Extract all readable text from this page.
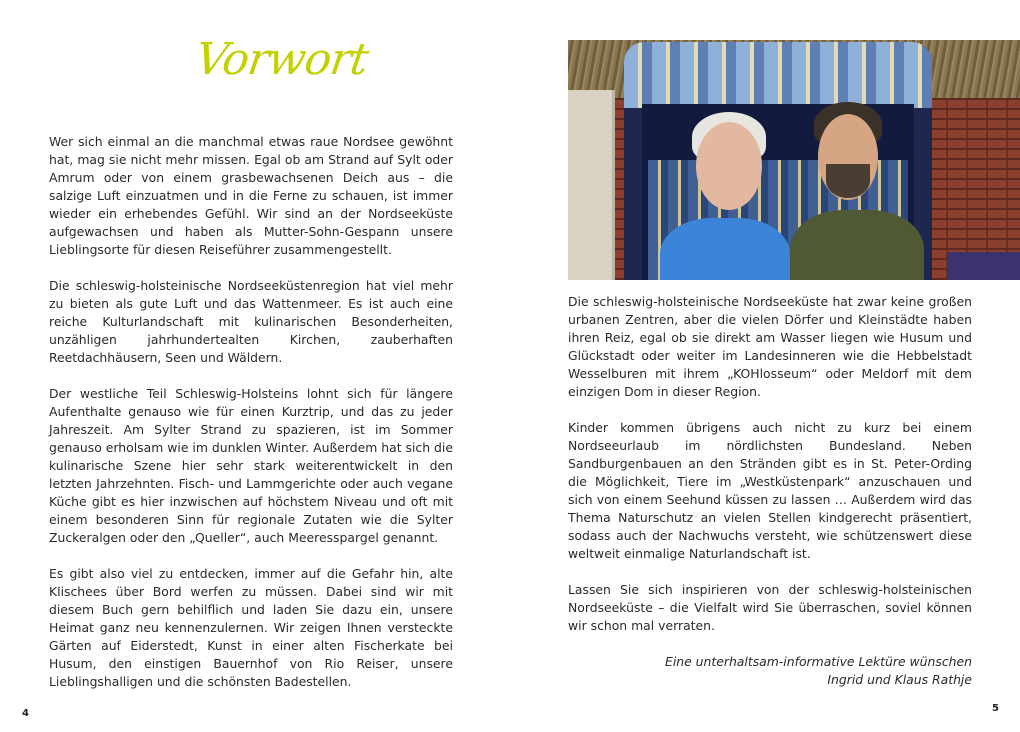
Vorwort

Wer sich einmal an die manchmal etwas raue Nordsee gewöhnt hat, mag sie nicht mehr missen. Egal ob am Strand auf Sylt oder Amrum oder von einem grasbewachsenen Deich aus – die salzige Luft einzuatmen und in die Ferne zu schauen, ist immer wieder ein erhebendes Gefühl. Wir sind an der Nordseeküste aufgewachsen und haben als Mutter-Sohn-Gespann unsere Lieblingsorte für diesen Reiseführer zusammengestellt.

Die schleswig-holsteinische Nordseeküstenregion hat viel mehr zu bieten als gute Luft und das Wattenmeer. Es ist auch eine reiche Kulturlandschaft mit kulinarischen Besonderheiten, unzähligen jahrhundertealten Kirchen, zauberhaften Reetdachhäusern, Seen und Wäldern.

Der westliche Teil Schleswig-Holsteins lohnt sich für längere Aufenthalte genauso wie für einen Kurztrip, und das zu jeder Jahreszeit. Am Sylter Strand zu spazieren, ist im Sommer genauso erholsam wie im dunklen Winter. Außerdem hat sich die kulinarische Szene hier sehr stark weiterentwickelt in den letzten Jahrzehnten. Fisch- und Lammgerichte oder auch vegane Küche gibt es hier inzwischen auf höchstem Niveau und oft mit einem besonderen Sinn für regionale Zutaten wie die Sylter Zuckeralgen oder den „Queller“, auch Meeresspargel genannt.

Es gibt also viel zu entdecken, immer auf die Gefahr hin, alte Klischees über Bord werfen zu müssen. Dabei sind wir mit diesem Buch gern behilflich und laden Sie dazu ein, unsere Heimat ganz neu kennenzulernen. Wir zeigen Ihnen versteckte Gärten auf Eiderstedt, Kunst in einer alten Fischerkate bei Husum, den einstigen Bauernhof von Rio Reiser, unsere Lieblingshalligen und die schönsten Badestellen.

4

Die schleswig-holsteinische Nordseeküste hat zwar keine großen urbanen Zentren, aber die vielen Dörfer und Kleinstädte haben ihren Reiz, egal ob sie direkt am Wasser liegen wie Husum und Glückstadt oder weiter im Landesinneren wie die Hebbelstadt Wesselburen mit ihrem „KOHlosseum“ oder Meldorf mit dem einzigen Dom in dieser Region.

Kinder kommen übrigens auch nicht zu kurz bei einem Nordseeurlaub im nördlichsten Bundesland. Neben Sandburgenbauen an den Stränden gibt es in St. Peter-Ording die Möglichkeit, Tiere im „Westküstenpark“ anzuschauen und sich von einem Seehund küssen zu lassen … Außerdem wird das Thema Naturschutz an vielen Stellen kindgerecht präsentiert, sodass auch der Nachwuchs versteht, wie schützenswert diese weltweit einmalige Naturlandschaft ist.

Lassen Sie sich inspirieren von der schleswig-holsteinischen Nordseeküste – die Vielfalt wird Sie überraschen, soviel können wir schon mal verraten.

Eine unterhaltsam-informative Lektüre wünschen
Ingrid und Klaus Rathje
5
